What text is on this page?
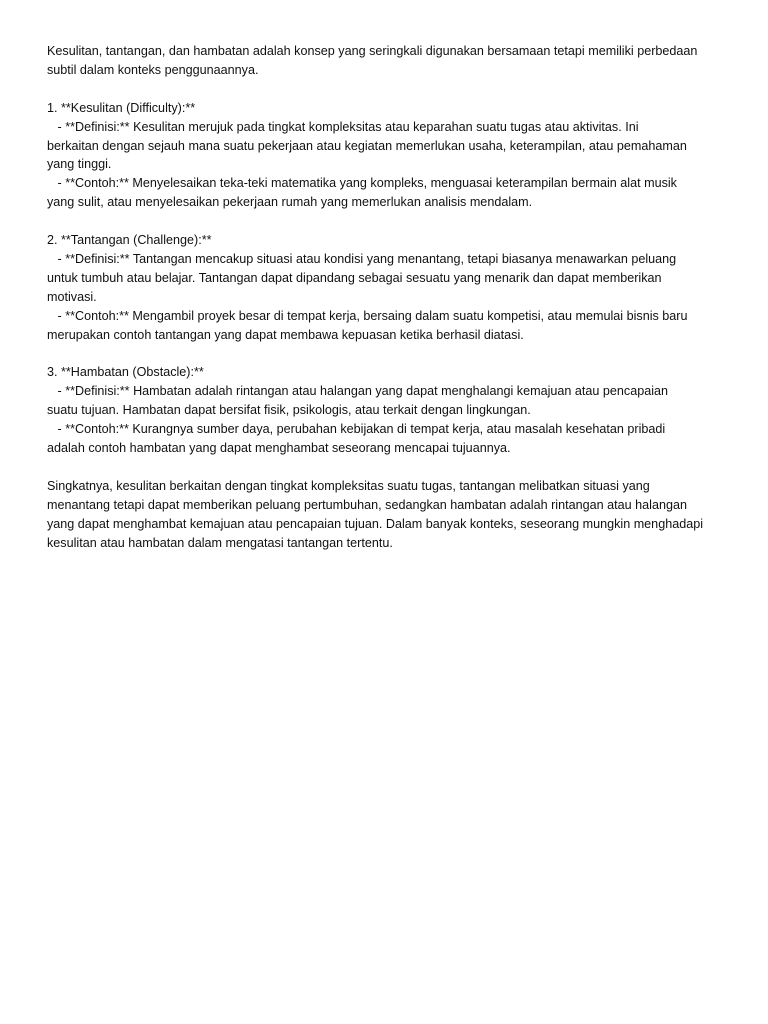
Kesulitan, tantangan, dan hambatan adalah konsep yang seringkali digunakan bersamaan tetapi memiliki perbedaan
subtil dalam konteks penggunaannya.

1. **Kesulitan (Difficulty):**
- **Definisi:** Kesulitan merujuk pada tingkat kompleksitas atau keparahan suatu tugas atau aktivitas. Ini
berkaitan dengan sejauh mana suatu pekerjaan atau kegiatan memerlukan usaha, keterampilan, atau pemahaman
yang tinggi.
- **Contoh:** Menyelesaikan teka-teki matematika yang kompleks, menguasai keterampilan bermain alat musik
yang sulit, atau menyelesaikan pekerjaan rumah yang memerlukan analisis mendalam.
2. **Tantangan (Challenge):**
- **Definisi:** Tantangan mencakup situasi atau kondisi yang menantang, tetapi biasanya menawarkan peluang
untuk tumbuh atau belajar. Tantangan dapat dipandang sebagai sesuatu yang menarik dan dapat memberikan
motivasi.
- **Contoh:** Mengambil proyek besar di tempat kerja, bersaing dalam suatu kompetisi, atau memulai bisnis baru
merupakan contoh tantangan yang dapat membawa kepuasan ketika berhasil diatasi.
3. **Hambatan (Obstacle):**
- **Definisi:** Hambatan adalah rintangan atau halangan yang dapat menghalangi kemajuan atau pencapaian
suatu tujuan. Hambatan dapat bersifat fisik, psikologis, atau terkait dengan lingkungan.
- **Contoh:** Kurangnya sumber daya, perubahan kebijakan di tempat kerja, atau masalah kesehatan pribadi
adalah contoh hambatan yang dapat menghambat seseorang mencapai tujuannya.

Singkatnya, kesulitan berkaitan dengan tingkat kompleksitas suatu tugas, tantangan melibatkan situasi yang
menantang tetapi dapat memberikan peluang pertumbuhan, sedangkan hambatan adalah rintangan atau halangan
yang dapat menghambat kemajuan atau pencapaian tujuan. Dalam banyak konteks, seseorang mungkin menghadapi
kesulitan atau hambatan dalam mengatasi tantangan tertentu.
